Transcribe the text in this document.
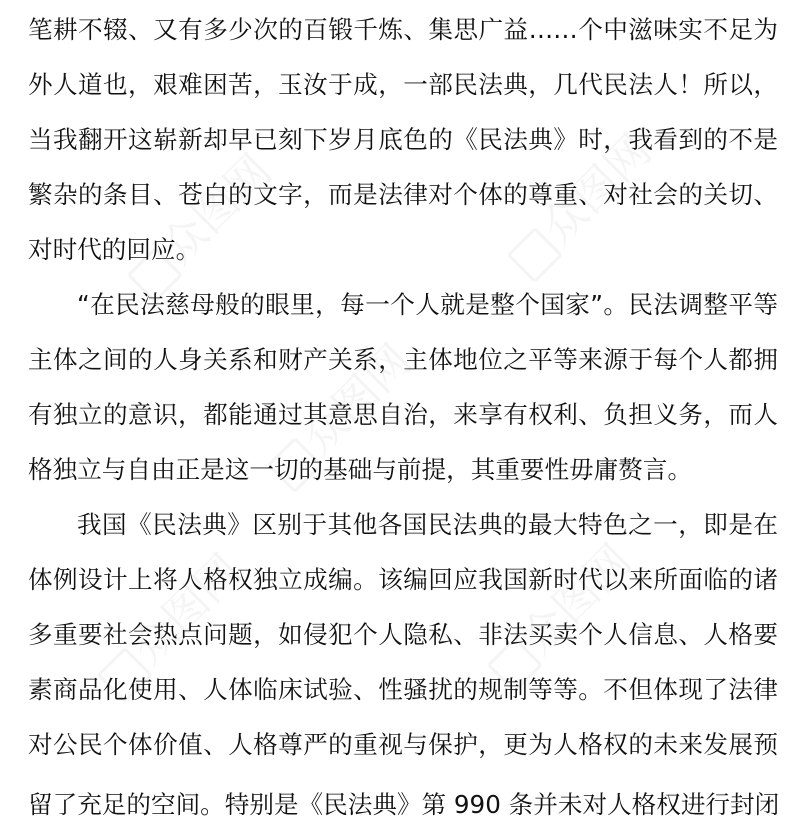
众图网	众图网
众图网
众图网	众图网
笔耕不辍、又有多少次的百锻千炼、集思广益……个中滋味实不足为
外人道也，艰难困苦，玉汝于成，一部民法典，几代民法人！所以，
当我翻开这崭新却早已刻下岁月底色的《民法典》时，我看到的不是
繁杂的条目、苍白的文字，而是法律对个体的尊重、对社会的关切、
对时代的回应。
“在民法慈母般的眼里，每一个人就是整个国家”。民法调整平等
主体之间的人身关系和财产关系，主体地位之平等来源于每个人都拥
有独立的意识，都能通过其意思自治，来享有权利、负担义务，而人
格独立与自由正是这一切的基础与前提，其重要性毋庸赘言。
我国《民法典》区别于其他各国民法典的最大特色之一，即是在
体例设计上将人格权独立成编。该编回应我国新时代以来所面临的诸
多重要社会热点问题，如侵犯个人隐私、非法买卖个人信息、人格要
素商品化使用、人体临床试验、性骚扰的规制等等。不但体现了法律
对公民个体价值、人格尊严的重视与保护，更为人格权的未来发展预
留了充足的空间。特别是《民法典》第 990 条并未对人格权进行封闭
